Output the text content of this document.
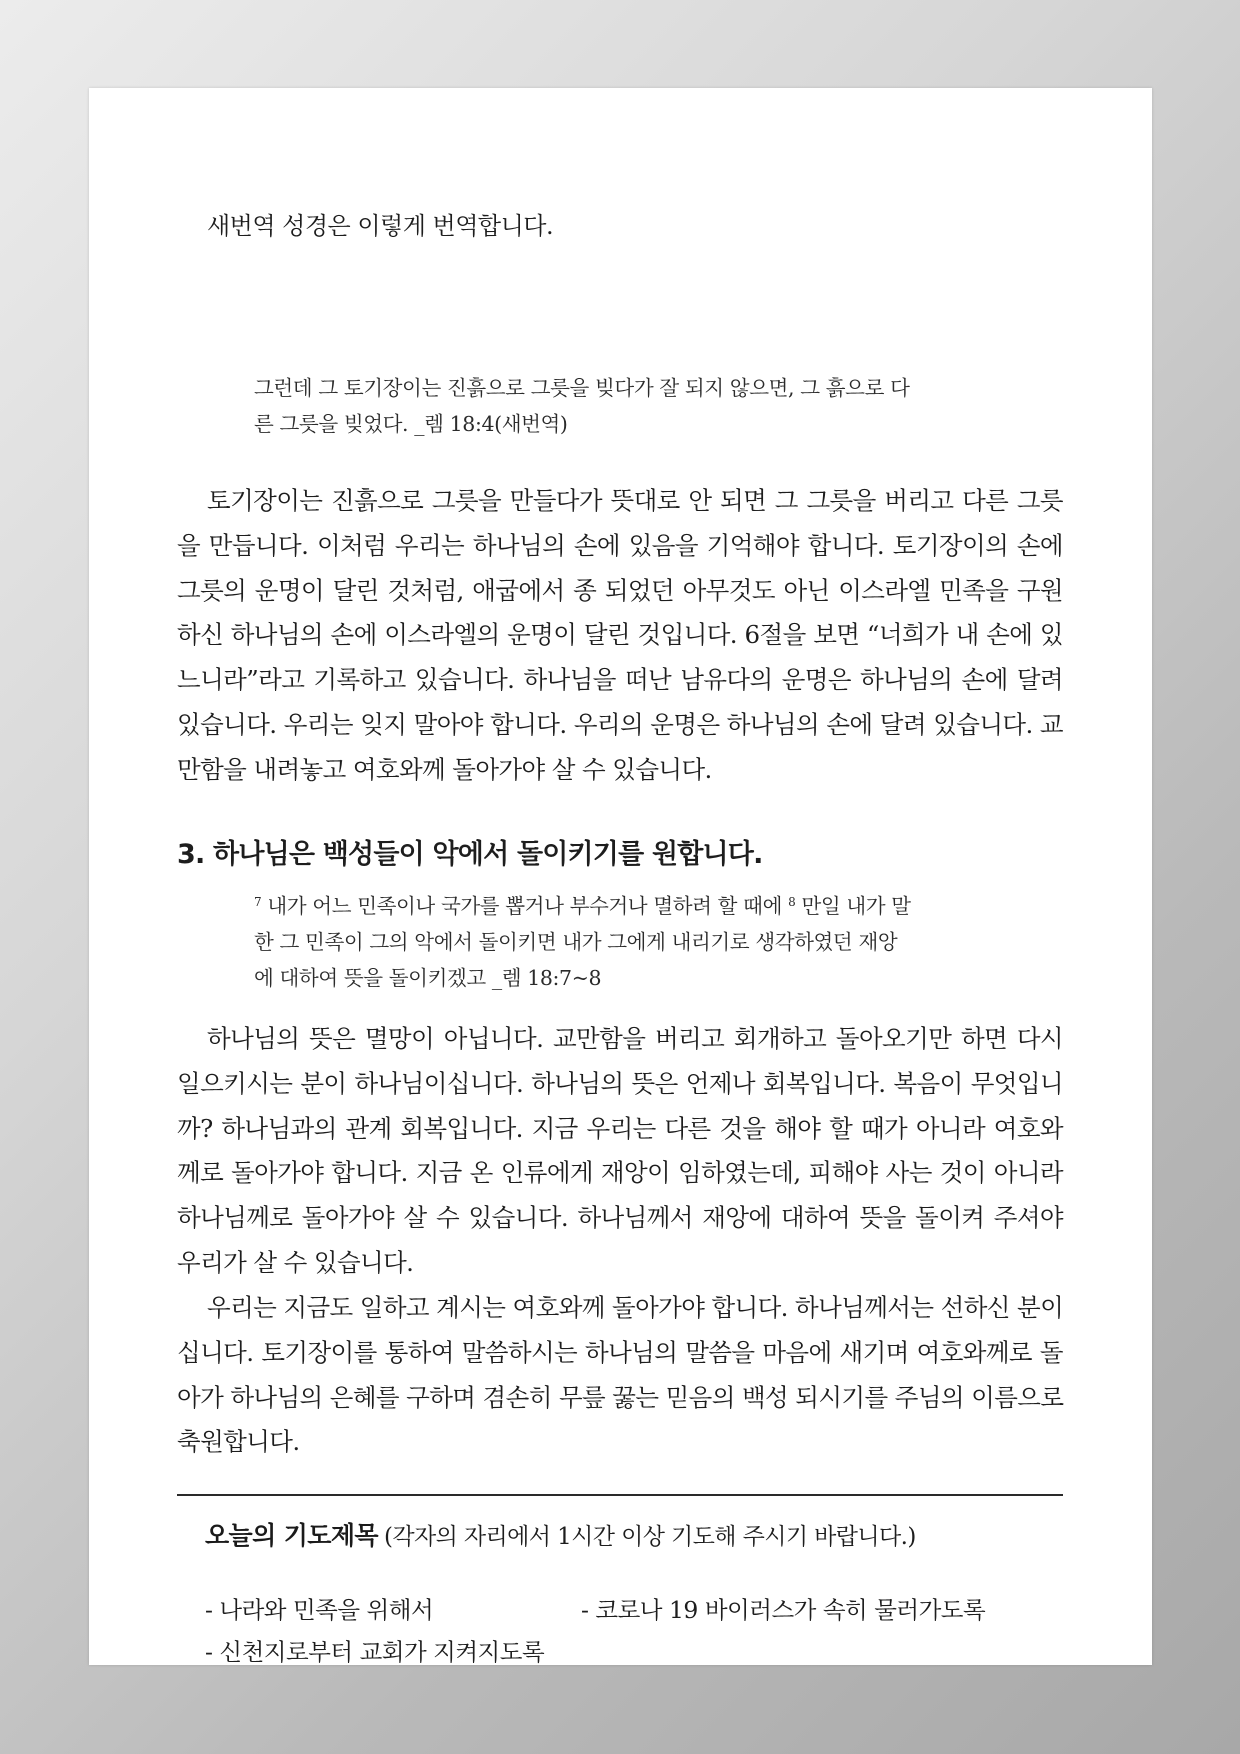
새번역 성경은 이렇게 번역합니다.
그런데 그 토기장이는 진흙으로 그릇을 빚다가 잘 되지 않으면, 그 흙으로 다
른 그릇을 빚었다. _렘 18:4(새번역)
토기장이는 진흙으로 그릇을 만들다가 뜻대로 안 되면 그 그릇을 버리고 다른 그릇
을 만듭니다. 이처럼 우리는 하나님의 손에 있음을 기억해야 합니다. 토기장이의 손에
그릇의 운명이 달린 것처럼, 애굽에서 종 되었던 아무것도 아닌 이스라엘 민족을 구원
하신 하나님의 손에 이스라엘의 운명이 달린 것입니다. 6절을 보면 “너희가 내 손에 있
느니라”라고 기록하고 있습니다. 하나님을 떠난 남유다의 운명은 하나님의 손에 달려
있습니다. 우리는 잊지 말아야 합니다. 우리의 운명은 하나님의 손에 달려 있습니다. 교
만함을 내려놓고 여호와께 돌아가야 살 수 있습니다.
3. 하나님은 백성들이 악에서 돌이키기를 원합니다.
$^7$ 내가 어느 민족이나 국가를 뽑거나 부수거나 멸하려 할 때에 $^8$ 만일 내가 말
한 그 민족이 그의 악에서 돌이키면 내가 그에게 내리기로 생각하였던 재앙
에 대하여 뜻을 돌이키겠고 _렘 18:7~8
하나님의 뜻은 멸망이 아닙니다. 교만함을 버리고 회개하고 돌아오기만 하면 다시
일으키시는 분이 하나님이십니다. 하나님의 뜻은 언제나 회복입니다. 복음이 무엇입니
까? 하나님과의 관계 회복입니다. 지금 우리는 다른 것을 해야 할 때가 아니라 여호와
께로 돌아가야 합니다. 지금 온 인류에게 재앙이 임하였는데, 피해야 사는 것이 아니라
하나님께로 돌아가야 살 수 있습니다. 하나님께서 재앙에 대하여 뜻을 돌이켜 주셔야
우리가 살 수 있습니다.
우리는 지금도 일하고 계시는 여호와께 돌아가야 합니다. 하나님께서는 선하신 분이
십니다. 토기장이를 통하여 말씀하시는 하나님의 말씀을 마음에 새기며 여호와께로 돌
아가 하나님의 은혜를 구하며 겸손히 무릎 꿇는 믿음의 백성 되시기를 주님의 이름으로
축원합니다.
오늘의 기도제목 (각자의 자리에서 1시간 이상 기도해 주시기 바랍니다.)
- 나라와 민족을 위해서	- 코로나 19 바이러스가 속히 물러가도록
- 신천지로부터 교회가 지켜지도록
